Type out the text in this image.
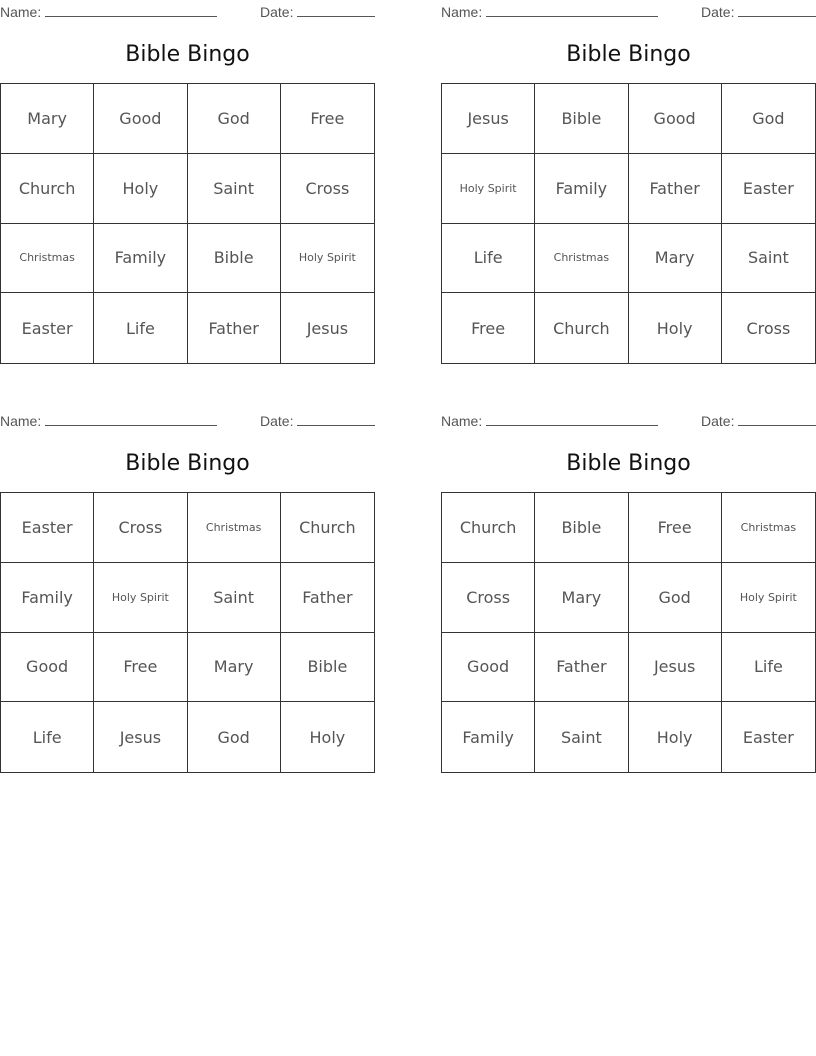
Name:	Date:
Bible Bingo
Mary	Good	God	Free
Church	Holy	Saint	Cross
Christmas	Family	Bible	Holy Spirit
Easter	Life	Father	Jesus
Name:	Date:
Bible Bingo
Jesus	Bible	Good	God
Holy Spirit	Family	Father	Easter
Life	Christmas	Mary	Saint
Free	Church	Holy	Cross
Name:	Date:
Bible Bingo
Easter	Cross	Christmas	Church
Family	Holy Spirit	Saint	Father
Good	Free	Mary	Bible
Life	Jesus	God	Holy
Name:	Date:
Bible Bingo
Church	Bible	Free	Christmas
Cross	Mary	God	Holy Spirit
Good	Father	Jesus	Life
Family	Saint	Holy	Easter
